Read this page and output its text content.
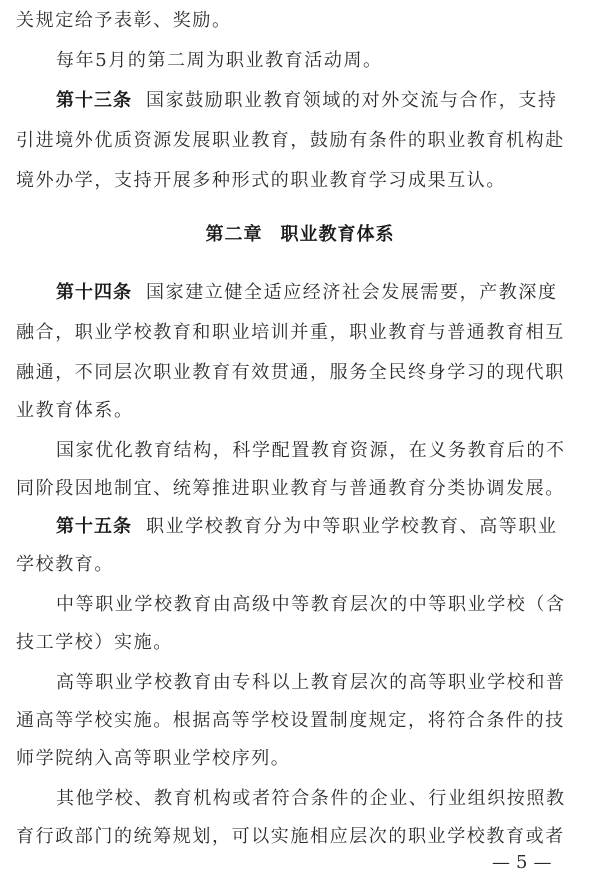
关规定给予表彰、奖励。
每年5月的第二周为职业教育活动周。
第十三条 国家鼓励职业教育领域的对外交流与合作，支持
引进境外优质资源发展职业教育，鼓励有条件的职业教育机构赴
境外办学，支持开展多种形式的职业教育学习成果互认。
第二章 职业教育体系
第十四条 国家建立健全适应经济社会发展需要，产教深度
融合，职业学校教育和职业培训并重，职业教育与普通教育相互
融通，不同层次职业教育有效贯通，服务全民终身学习的现代职
业教育体系。
国家优化教育结构，科学配置教育资源，在义务教育后的不
同阶段因地制宜、统筹推进职业教育与普通教育分类协调发展。
第十五条 职业学校教育分为中等职业学校教育、高等职业
学校教育。
中等职业学校教育由高级中等教育层次的中等职业学校（含
技工学校）实施。
高等职业学校教育由专科以上教育层次的高等职业学校和普
通高等学校实施。根据高等学校设置制度规定，将符合条件的技
师学院纳入高等职业学校序列。
其他学校、教育机构或者符合条件的企业、行业组织按照教
育行政部门的统筹规划，可以实施相应层次的职业学校教育或者
— 5 —
